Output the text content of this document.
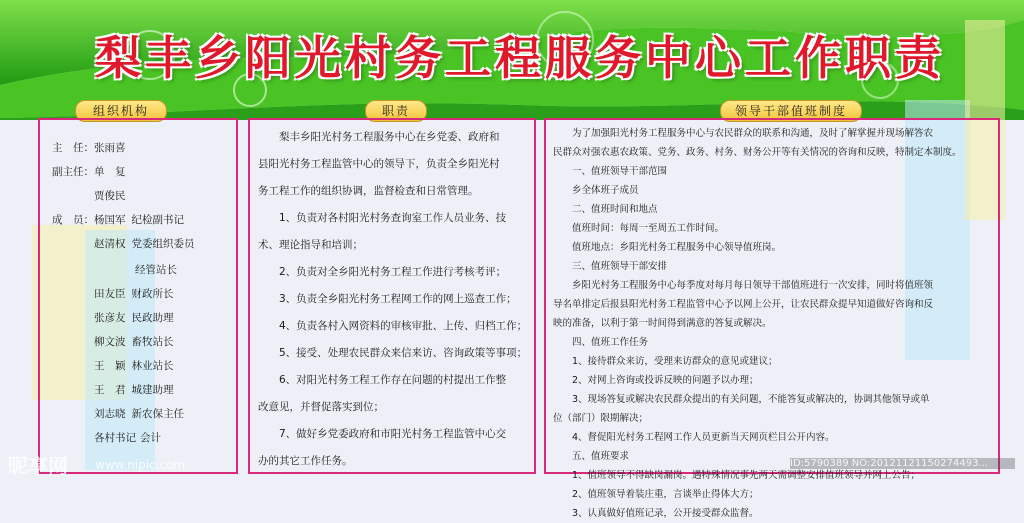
梨丰乡阳光村务工程服务中心工作职责
组织机构	职责	领导干部值班制度
主　任：张雨喜
副主任：单　复
贾俊民
成　员：杨国军 纪检副书记
赵清权 党委组织委员
经管站长
田友臣 财政所长
张彦友 民政助理
柳文波 畜牧站长
王　颖 林业站长
王　君 城建助理
刘志晓 新农保主任
各村书记 会计
　　梨丰乡阳光村务工程服务中心在乡党委、政府和
县阳光村务工程监管中心的领导下，负责全乡阳光村
务工程工作的组织协调，监督检查和日常管理。
　　1、负责对各村阳光村务查询室工作人员业务、技
术、理论指导和培训；
　　2、负责对全乡阳光村务工程工作进行考核考评；
　　3、负责全乡阳光村务工程网工作的网上巡查工作；
　　4、负责各村入网资料的审核审批、上传、归档工作；
　　5、接受、处理农民群众来信来访、咨询政策等事项；
　　6、对阳光村务工程工作存在问题的村提出工作整
改意见，并督促落实到位；
　　7、做好乡党委政府和市阳光村务工程监管中心交
办的其它工作任务。
　　为了加强阳光村务工程服务中心与农民群众的联系和沟通，及时了解掌握并现场解答农
民群众对强农惠农政策、党务、政务、村务、财务公开等有关情况的咨询和反映，特制定本制度。
　　一、值班领导干部范围
　　乡全体班子成员
　　二、值班时间和地点
　　值班时间：每周一至周五工作时间。
　　值班地点：乡阳光村务工程服务中心领导值班岗。
　　三、值班领导干部安排
　　乡阳光村务工程服务中心每季度对每月每日领导干部值班进行一次安排，同时将值班领
导名单排定后报县阳光村务工程监管中心予以网上公开，让农民群众提早知道做好咨询和反
映的准备，以利于第一时间得到满意的答复或解决。
　　四、值班工作任务
　　1、接待群众来访，受理来访群众的意见或建议；
　　2、对网上咨询或投诉反映的问题予以办理；
　　3、现场答复或解决农民群众提出的有关问题，不能答复或解决的，协调其他领导或单
位（部门）限期解决；
　　4、督促阳光村务工程网工作人员更新当天网页栏目公开内容。
　　五、值班要求
　　1、值班领导不得缺岗漏岗。遇特殊情况事先两天需调整安排值班领导并网上公告；
　　2、值班领导着装庄重，言谈举止得体大方；
　　3、认真做好值班记录，公开接受群众监督。
昵享网 www.nipic.com	ID:5790389 NO:20121121150274493...
